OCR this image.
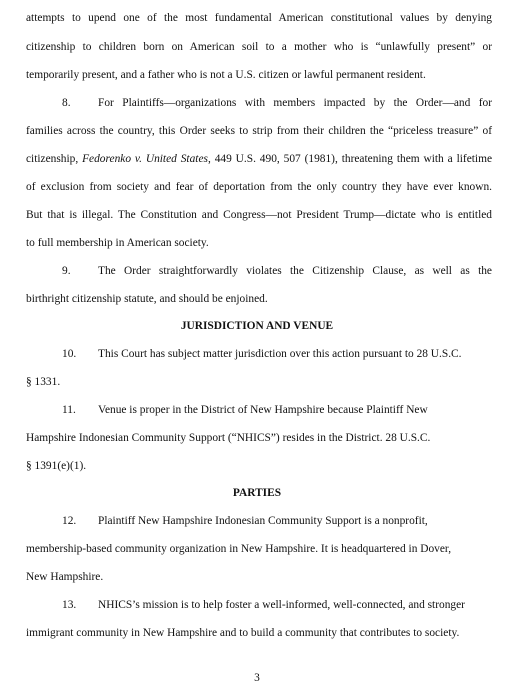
attempts to upend one of the most fundamental American constitutional values by denying
citizenship to children born on American soil to a mother who is “unlawfully present” or
temporarily present, and a father who is not a U.S. citizen or lawful permanent resident.
8. For Plaintiffs—organizations with members impacted by the Order—and for
families across the country, this Order seeks to strip from their children the “priceless treasure” of
citizenship, Fedorenko v. United States, 449 U.S. 490, 507 (1981), threatening them with a lifetime
of exclusion from society and fear of deportation from the only country they have ever known.
But that is illegal. The Constitution and Congress—not President Trump—dictate who is entitled
to full membership in American society.
9. The Order straightforwardly violates the Citizenship Clause, as well as the
birthright citizenship statute, and should be enjoined.
JURISDICTION AND VENUE
10. This Court has subject matter jurisdiction over this action pursuant to 28 U.S.C.
§ 1331.
11. Venue is proper in the District of New Hampshire because Plaintiff New
Hampshire Indonesian Community Support (“NHICS”) resides in the District. 28 U.S.C.
§ 1391(e)(1).
PARTIES
12. Plaintiff New Hampshire Indonesian Community Support is a nonprofit,
membership-based community organization in New Hampshire. It is headquartered in Dover,
New Hampshire.
13. NHICS’s mission is to help foster a well-informed, well-connected, and stronger
immigrant community in New Hampshire and to build a community that contributes to society.
3
